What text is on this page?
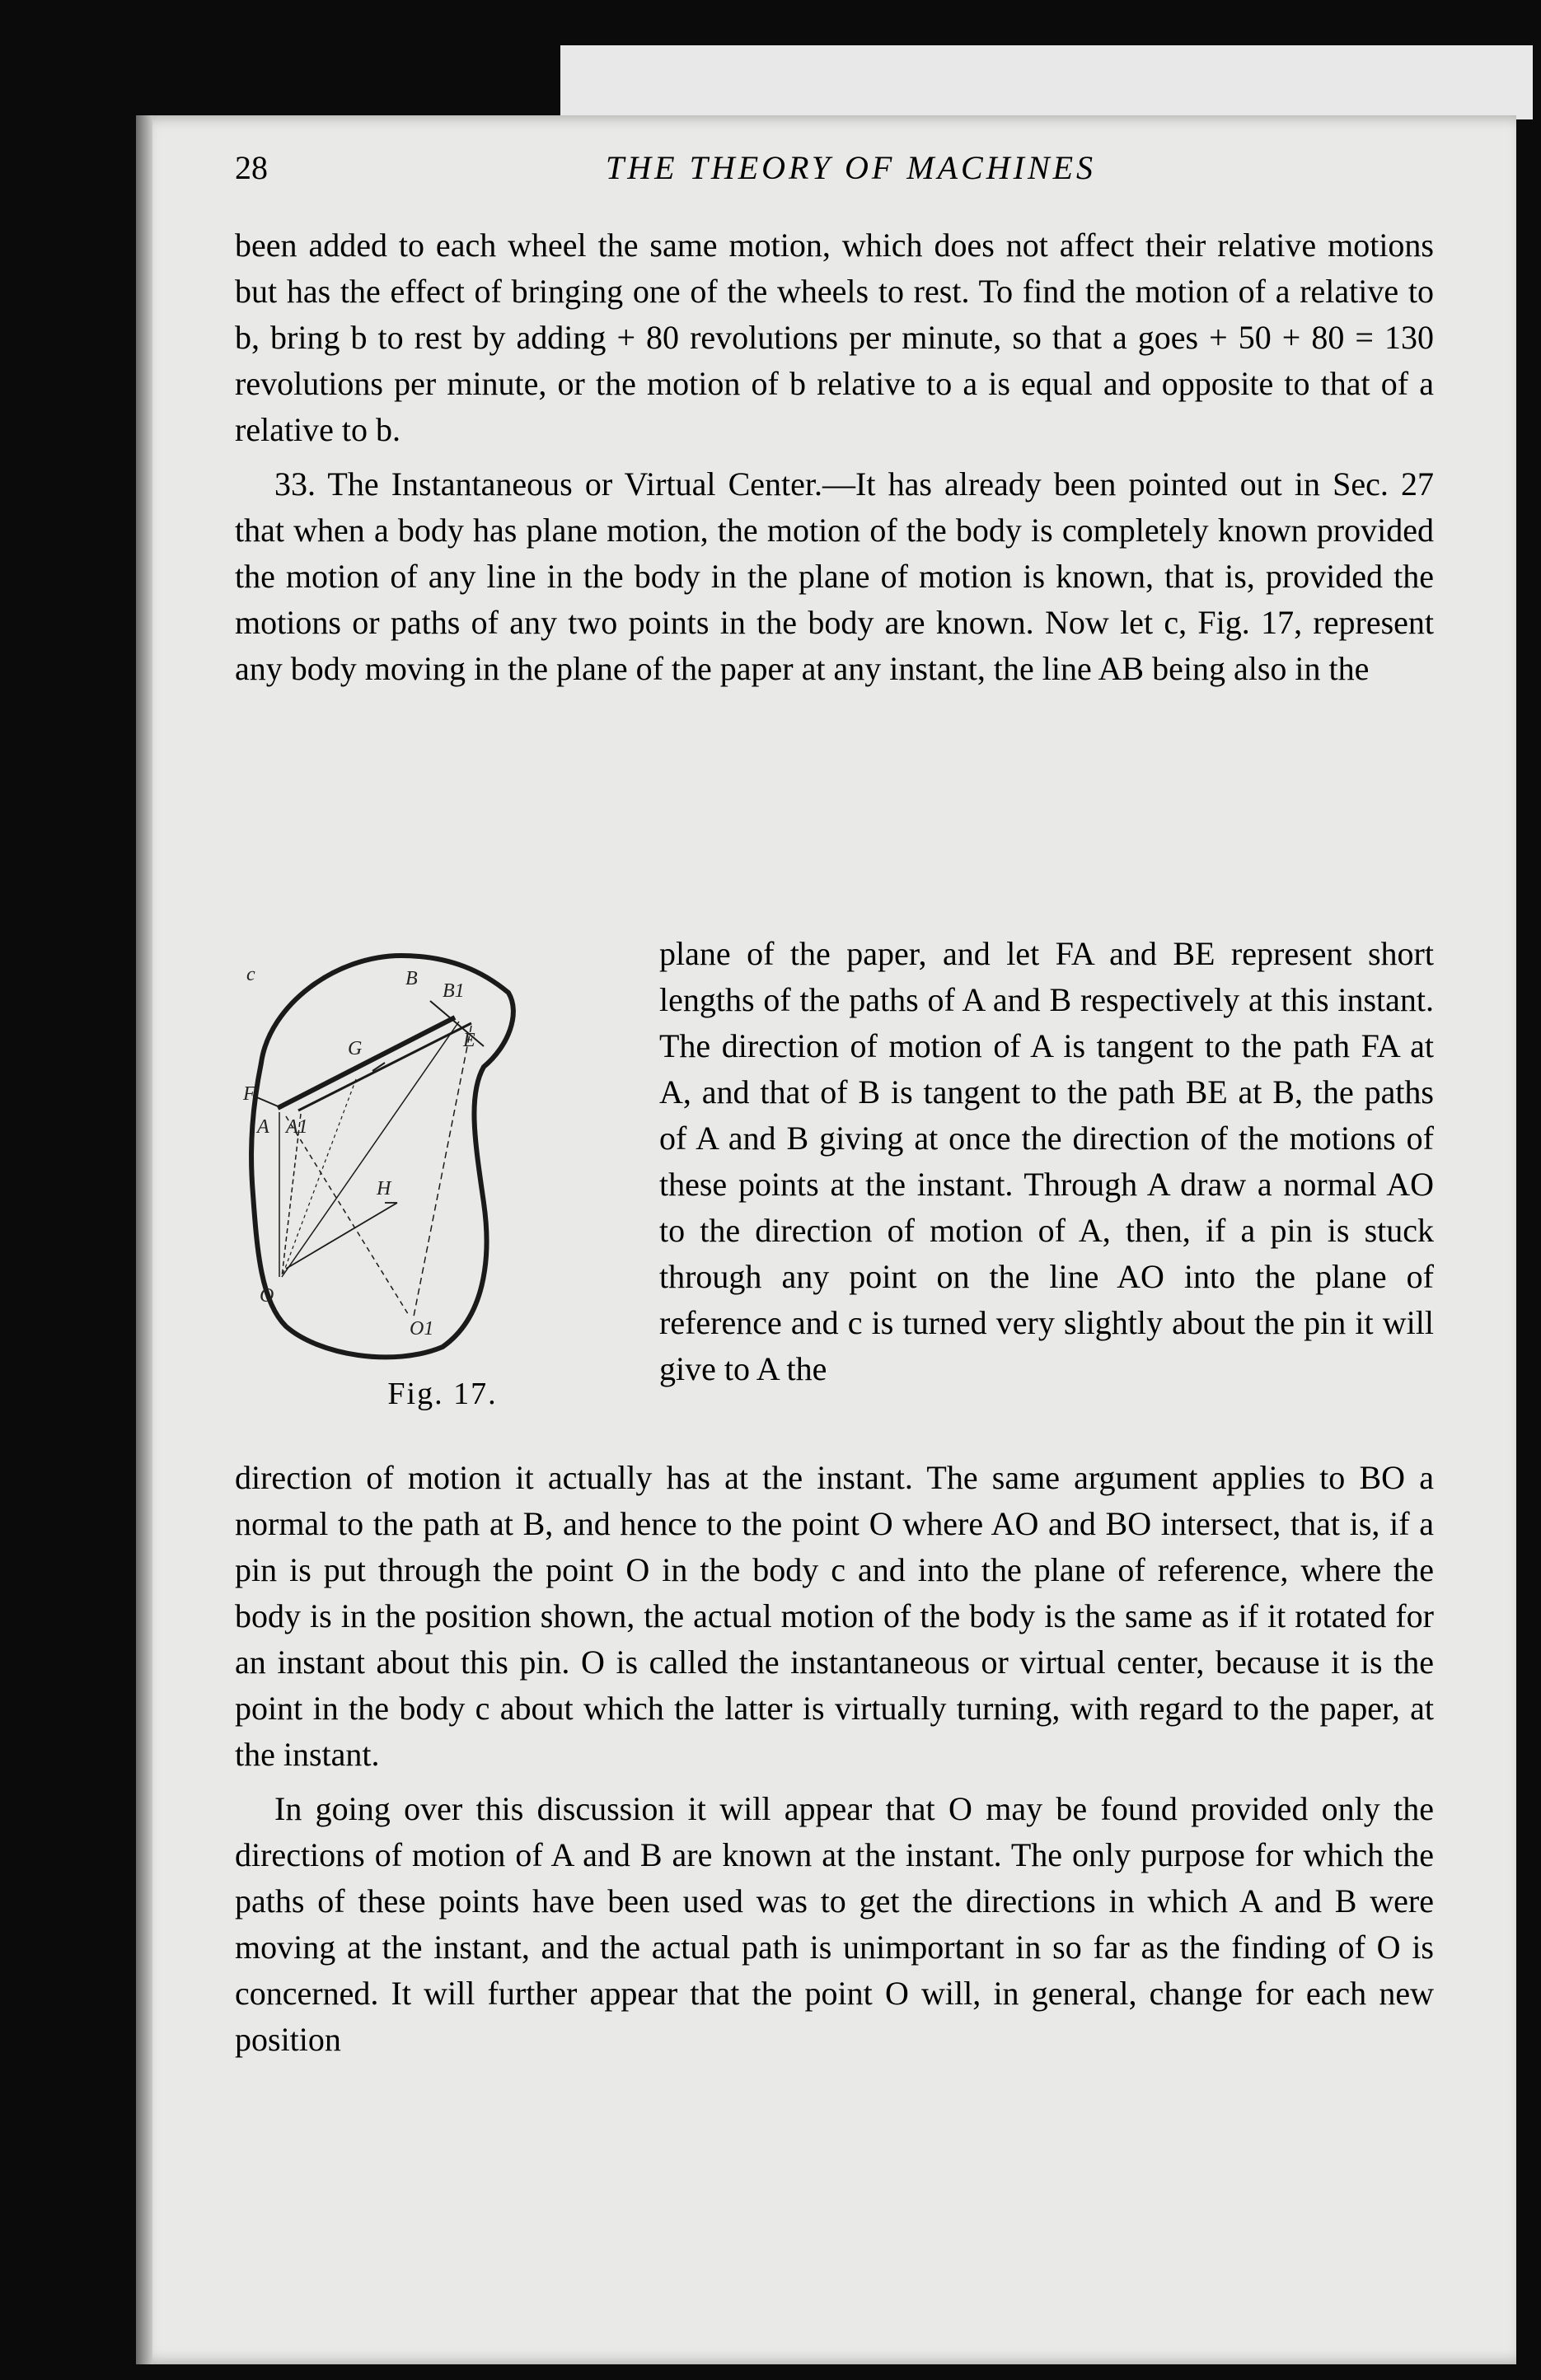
28	THE THEORY OF MACHINES

been added to each wheel the same motion, which does not affect their relative motions but has the effect of bringing one of the wheels to rest. To find the motion of a relative to b, bring b to rest by adding + 80 revolutions per minute, so that a goes + 50 + 80 = 130 revolutions per minute, or the motion of b relative to a is equal and opposite to that of a relative to b.

33. The Instantaneous or Virtual Center.—It has already been pointed out in Sec. 27 that when a body has plane motion, the motion of the body is completely known provided the motion of any line in the body in the plane of motion is known, that is, provided the motions or paths of any two points in the body are known. Now let c, Fig. 17, represent any body moving in the plane of the paper at any instant, the line AB being also in the

c	B
B1
E
G
F
A A1
H
O
O1
Fig. 17.

plane of the paper, and let FA and BE represent short lengths of the paths of A and B respectively at this instant. The direction of motion of A is tangent to the path FA at A, and that of B is tangent to the path BE at B, the paths of A and B giving at once the direction of the motions of these points at the instant. Through A draw a normal AO to the direction of motion of A, then, if a pin is stuck through any point on the line AO into the plane of reference and c is turned very slightly about the pin it will give to A the

direction of motion it actually has at the instant. The same argument applies to BO a normal to the path at B, and hence to the point O where AO and BO intersect, that is, if a pin is put through the point O in the body c and into the plane of reference, where the body is in the position shown, the actual motion of the body is the same as if it rotated for an instant about this pin. O is called the instantaneous or virtual center, because it is the point in the body c about which the latter is virtually turning, with regard to the paper, at the instant.

In going over this discussion it will appear that O may be found provided only the directions of motion of A and B are known at the instant. The only purpose for which the paths of these points have been used was to get the directions in which A and B were moving at the instant, and the actual path is unimportant in so far as the finding of O is concerned. It will further appear that the point O will, in general, change for each new position
